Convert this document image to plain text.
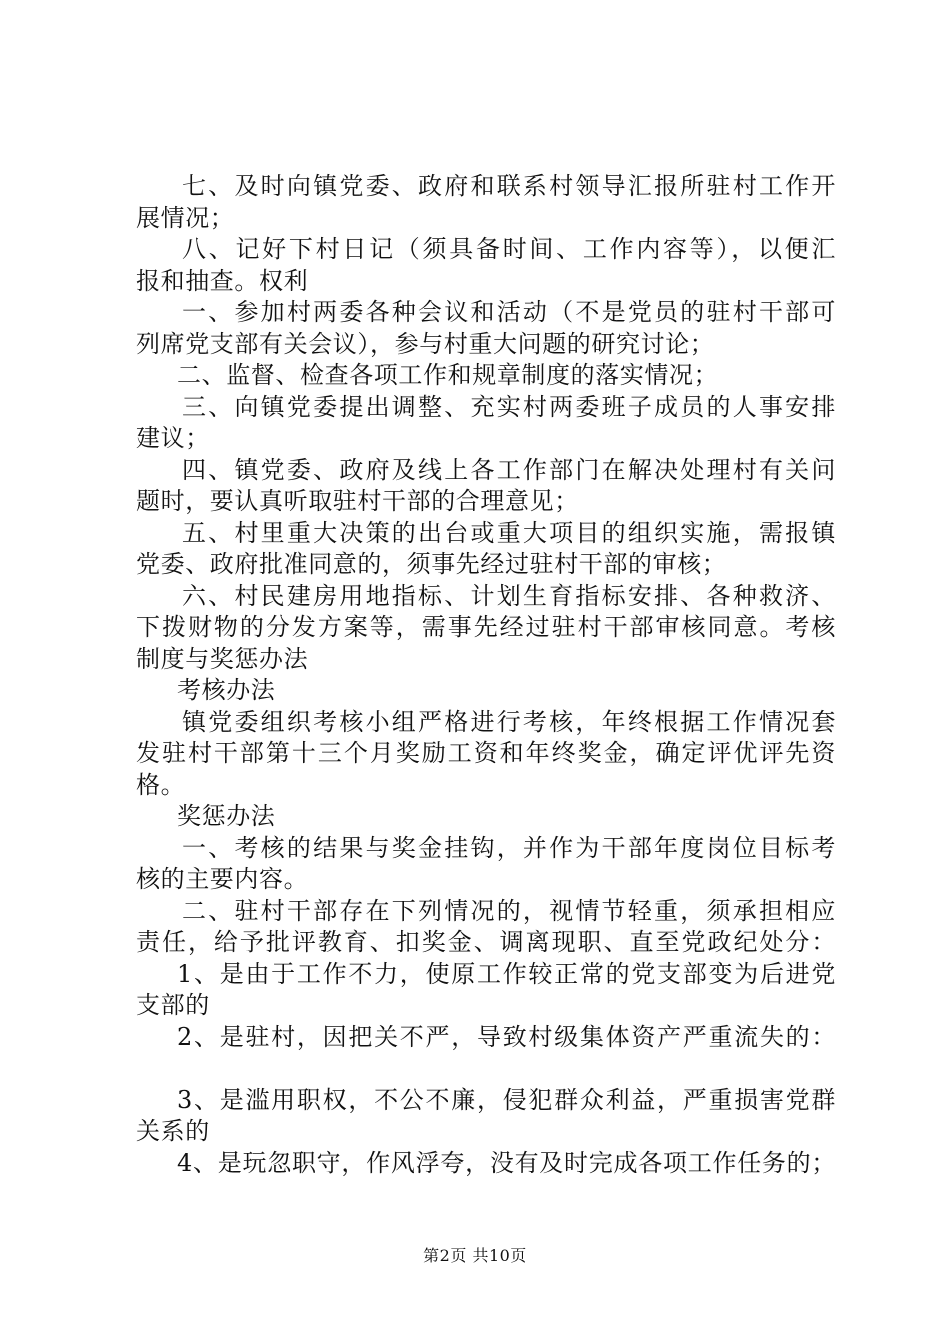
七、及时向镇党委、政府和联系村领导汇报所驻村工作开
展情况；
八、记好下村日记（须具备时间、工作内容等），以便汇
报和抽查。权利
一、参加村两委各种会议和活动（不是党员的驻村干部可
列席党支部有关会议），参与村重大问题的研究讨论；
二、监督、检查各项工作和规章制度的落实情况；
三、向镇党委提出调整、充实村两委班子成员的人事安排
建议；
四、镇党委、政府及线上各工作部门在解决处理村有关问
题时，要认真听取驻村干部的合理意见；
五、村里重大决策的出台或重大项目的组织实施，需报镇
党委、政府批准同意的，须事先经过驻村干部的审核；
六、村民建房用地指标、计划生育指标安排、各种救济、
下拨财物的分发方案等，需事先经过驻村干部审核同意。考核
制度与奖惩办法
考核办法
镇党委组织考核小组严格进行考核，年终根据工作情况套
发驻村干部第十三个月奖励工资和年终奖金，确定评优评先资
格。
奖惩办法
一、考核的结果与奖金挂钩，并作为干部年度岗位目标考
核的主要内容。
二、驻村干部存在下列情况的，视情节轻重，须承担相应
责任，给予批评教育、扣奖金、调离现职、直至党政纪处分：
1、是由于工作不力，使原工作较正常的党支部变为后进党
支部的
2、是驻村，因把关不严，导致村级集体资产严重流失的：
3、是滥用职权，不公不廉，侵犯群众利益，严重损害党群
关系的
4、是玩忽职守，作风浮夸，没有及时完成各项工作任务的；
第2页 共10页
